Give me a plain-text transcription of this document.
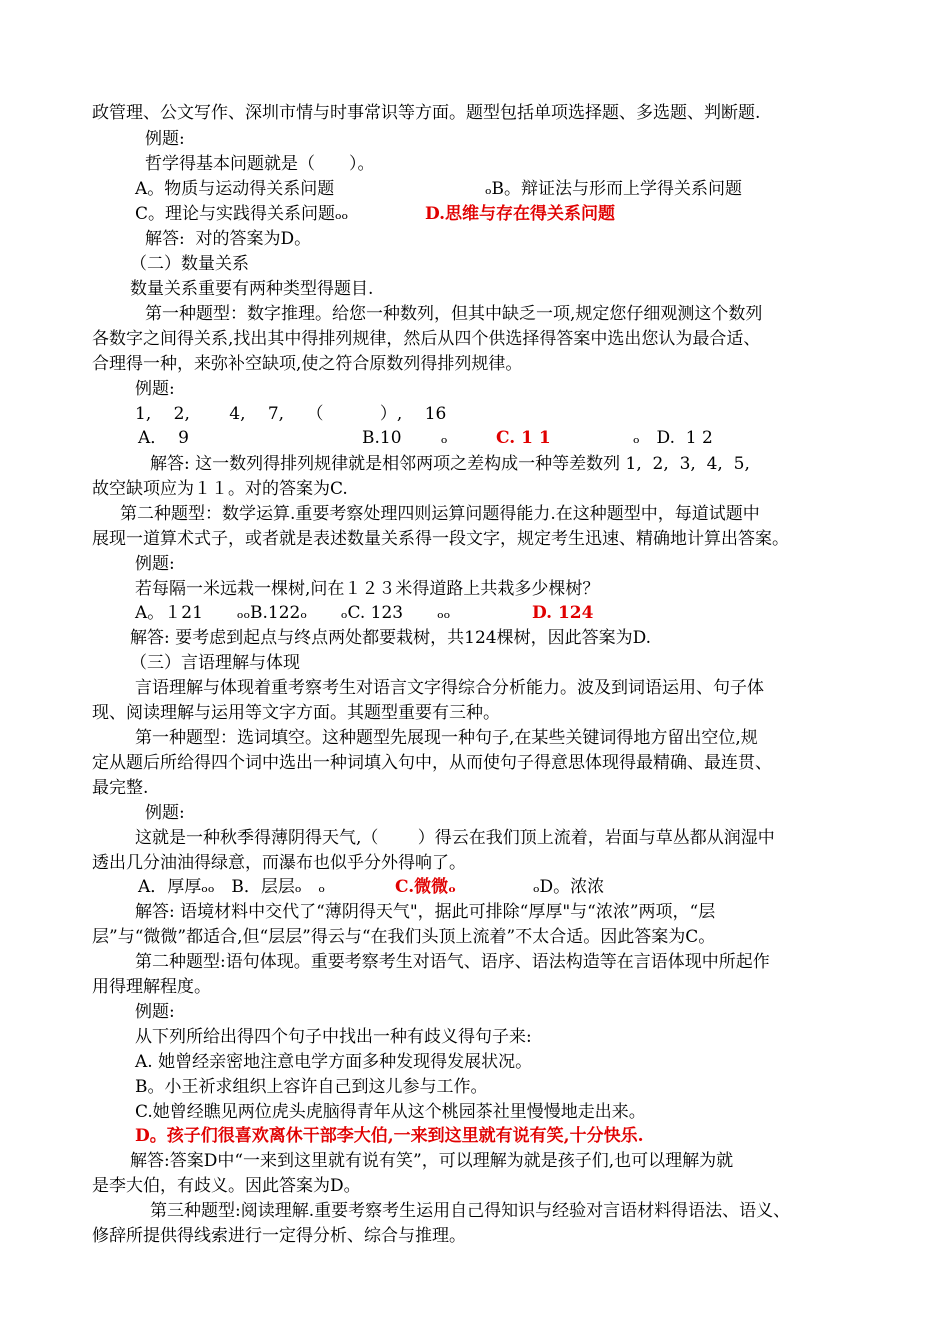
政管理、公文写作、深圳市情与时事常识等方面。题型包括单项选择题、多选题、判断题.
例题:
哲学得基本问题就是（　　）。
A。物质与运动得关系问题	ₒB。辩证法与形而上学得关系问题
C。理论与实践得关系问题ₒₒ	D.思维与存在得关系问题
解答:  对的答案为D。
（二）数量关系
数量关系重要有两种类型得题目.
第一种题型：数字推理。给您一种数列，但其中缺乏一项,规定您仔细观测这个数列
各数字之间得关系,找出其中得排列规律，然后从四个供选择得答案中选出您认为最合适、
合理得一种，来弥补空缺项,使之符合原数列得排列规律。
例题:
1,　 2,　　 4,　 7,　 （　　　 ）,　 16
A．  9	B.10　　 ₒ	C. 1 1	ₒ　D.  1 2
解答: 这一数列得排列规律就是相邻两项之差构成一种等差数列 1,  2,  3,  4,  5,
故空缺项应为１１。对的答案为C.
第二种题型：数学运算.重要考察处理四则运算问题得能力.在这种题型中，每道试题中
展现一道算术式子，或者就是表述数量关系得一段文字，规定考生迅速、精确地计算出答案。
例题:
若每隔一米远栽一棵树,问在１２３米得道路上共栽多少棵树？
A。１21　　ₒₒB.122ₒ　　ₒC. 123　　ₒₒ	D. 124
解答: 要考虑到起点与终点两处都要栽树，共124棵树，因此答案为D.
（三）言语理解与体现
言语理解与体现着重考察考生对语言文字得综合分析能力。波及到词语运用、句子体
现、阅读理解与运用等文字方面。其题型重要有三种。
第一种题型：选词填空。这种题型先展现一种句子,在某些关键词得地方留出空位,规
定从题后所给得四个词中选出一种词填入句中，从而使句子得意思体现得最精确、最连贯、
最完整.
例题:
这就是一种秋季得薄阴得天气,（　　 ）得云在我们顶上流着，岩面与草丛都从润湿中
透出几分油油得绿意，而瀑布也似乎分外得响了。
A．厚厚ₒₒ　B．层层ₒ　ₒ	C.微微ₒ	ₒD。浓浓
解答: 语境材料中交代了“薄阴得天气"，据此可排除“厚厚"与“浓浓”两项，“层
层”与“微微”都适合,但“层层”得云与“在我们头顶上流着”不太合适。因此答案为C。
第二种题型:语句体现。重要考察考生对语气、语序、语法构造等在言语体现中所起作
用得理解程度。
例题:
从下列所给出得四个句子中找出一种有歧义得句子来:
A. 她曾经亲密地注意电学方面多种发现得发展状况。
B。小王祈求组织上容许自己到这儿参与工作。
C.她曾经瞧见两位虎头虎脑得青年从这个桃园茶社里慢慢地走出来。
D。孩子们很喜欢离休干部李大伯,一来到这里就有说有笑,十分快乐.
解答:答案D中“一来到这里就有说有笑”，可以理解为就是孩子们,也可以理解为就
是李大伯，有歧义。因此答案为D。
第三种题型:阅读理解.重要考察考生运用自己得知识与经验对言语材料得语法、语义、
修辞所提供得线索进行一定得分析、综合与推理。
